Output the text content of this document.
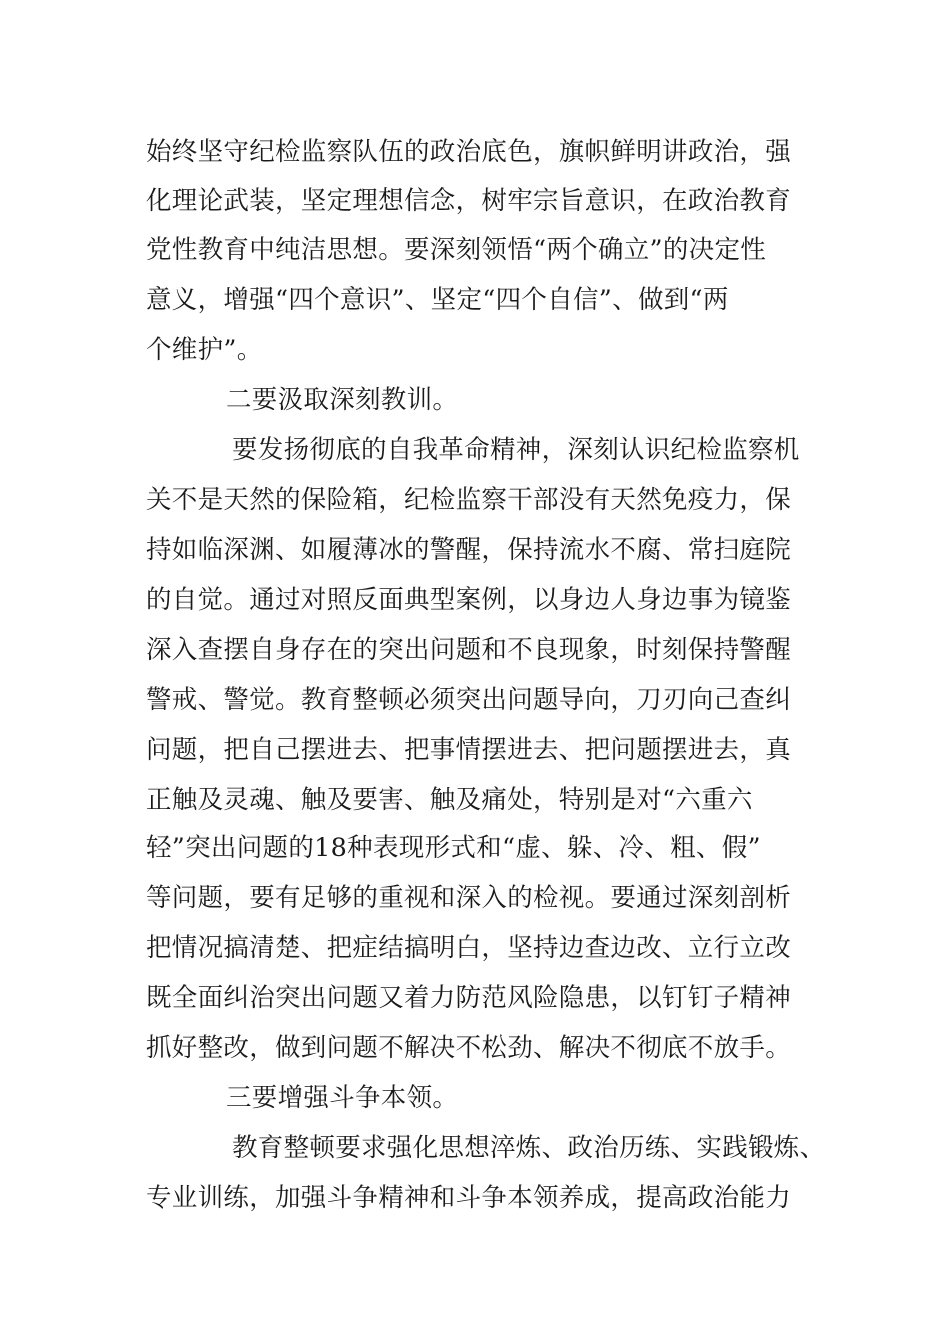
始终坚守纪检监察队伍的政治底色，旗帜鲜明讲政治，强
化理论武装，坚定理想信念，树牢宗旨意识，在政治教育
党性教育中纯洁思想。要深刻领悟“两个确立”的决定性
意义，增强“四个意识”、坚定“四个自信”、做到“两
个维护”。
二要汲取深刻教训。
要发扬彻底的自我革命精神，深刻认识纪检监察机
关不是天然的保险箱，纪检监察干部没有天然免疫力，保
持如临深渊、如履薄冰的警醒，保持流水不腐、常扫庭院
的自觉。通过对照反面典型案例，以身边人身边事为镜鉴
深入查摆自身存在的突出问题和不良现象，时刻保持警醒
警戒、警觉。教育整顿必须突出问题导向，刀刃向己查纠
问题，把自己摆进去、把事情摆进去、把问题摆进去，真
正触及灵魂、触及要害、触及痛处，特别是对“六重六
轻”突出问题的18种表现形式和“虚、躲、冷、粗、假”
等问题，要有足够的重视和深入的检视。要通过深刻剖析
把情况搞清楚、把症结搞明白，坚持边查边改、立行立改
既全面纠治突出问题又着力防范风险隐患，以钉钉子精神
抓好整改，做到问题不解决不松劲、解决不彻底不放手。
三要增强斗争本领。
教育整顿要求强化思想淬炼、政治历练、实践锻炼、
专业训练，加强斗争精神和斗争本领养成，提高政治能力
